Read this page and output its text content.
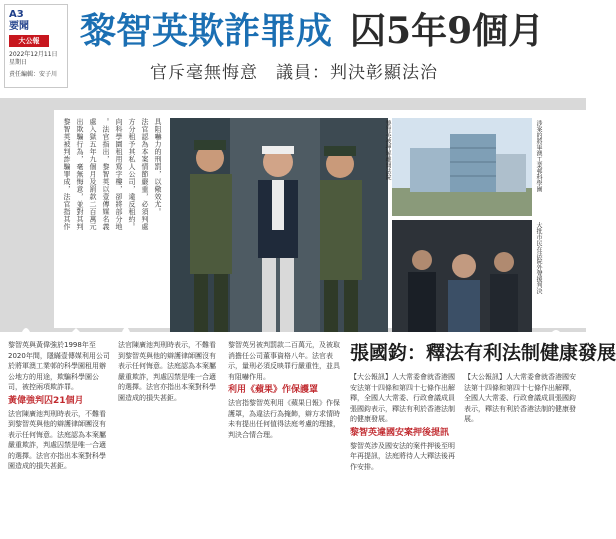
A3
要聞
大公報
2022年12月11日
星期日
責任編輯：安子川
黎智英欺詐罪成 囚5年9個月
官斥毫無悔意　議員：判決彰顯法治
黎智英被判詐騙罪成，法官指其作 出欺騙行為，毫無悔意，並對其判 處入獄五年九個月及罰款二百萬元 。法官指出，黎智英以壹傳媒名義 向科學園租用寫字樓，卻將部分地 方分租予其私人公司，違反租約。 法官認為本案情節嚴重，必須判處 具阻嚇力的刑罰，以儆效尤。	黎智英被押解離開法院	涉案的將軍澳工業邨科學園
大批市民在法院外聲援判決

黎智英與黃偉強於1998年至2020年間，隱瞞壹傳媒利用公司於將軍澳工業邨的科學園租用辦公地方的用途，欺騙科學園公司，被控兩項欺詐罪。

黃偉強判囚21個月

法官陳廣池判刑時表示，不難看到黎智英與他的辯護律師團沒有表示任何悔意。法庭認為本案屬嚴重欺詐，判處囚禁是唯一合適的選擇。法官亦指出本案對科學園造成的損失甚鉅。

法官陳廣池判刑時表示，不難看到黎智英與他的辯護律師團沒有表示任何悔意。法庭認為本案屬嚴重欺詐，判處囚禁是唯一合適的選擇。法官亦指出本案對科學園造成的損失甚鉅。

黎智英另被判罰款二百萬元，及被取消擔任公司董事資格八年。法官表示，量刑必須反映罪行嚴重性，並具有阻嚇作用。

利用《蘋果》作保護罩

法官指黎智英利用《蘋果日報》作保護罩，為違法行為掩飾，辯方求情時未有提出任何值得法庭考慮的理據，判決合情合理。

張國鈞：釋法有利法制健康發展

【大公報訊】人大常委會就香港國安法第十四條和第四十七條作出解釋，全國人大常委、行政會議成員張國鈞表示，釋法有利於香港法制的健康發展。

黎智英違國安案押後提訊

黎智英涉及國安法的案件押後至明年再提訊，法庭將待人大釋法後再作安排。

【大公報訊】人大常委會就香港國安法第十四條和第四十七條作出解釋，全國人大常委、行政會議成員張國鈞表示，釋法有利於香港法制的健康發展。
